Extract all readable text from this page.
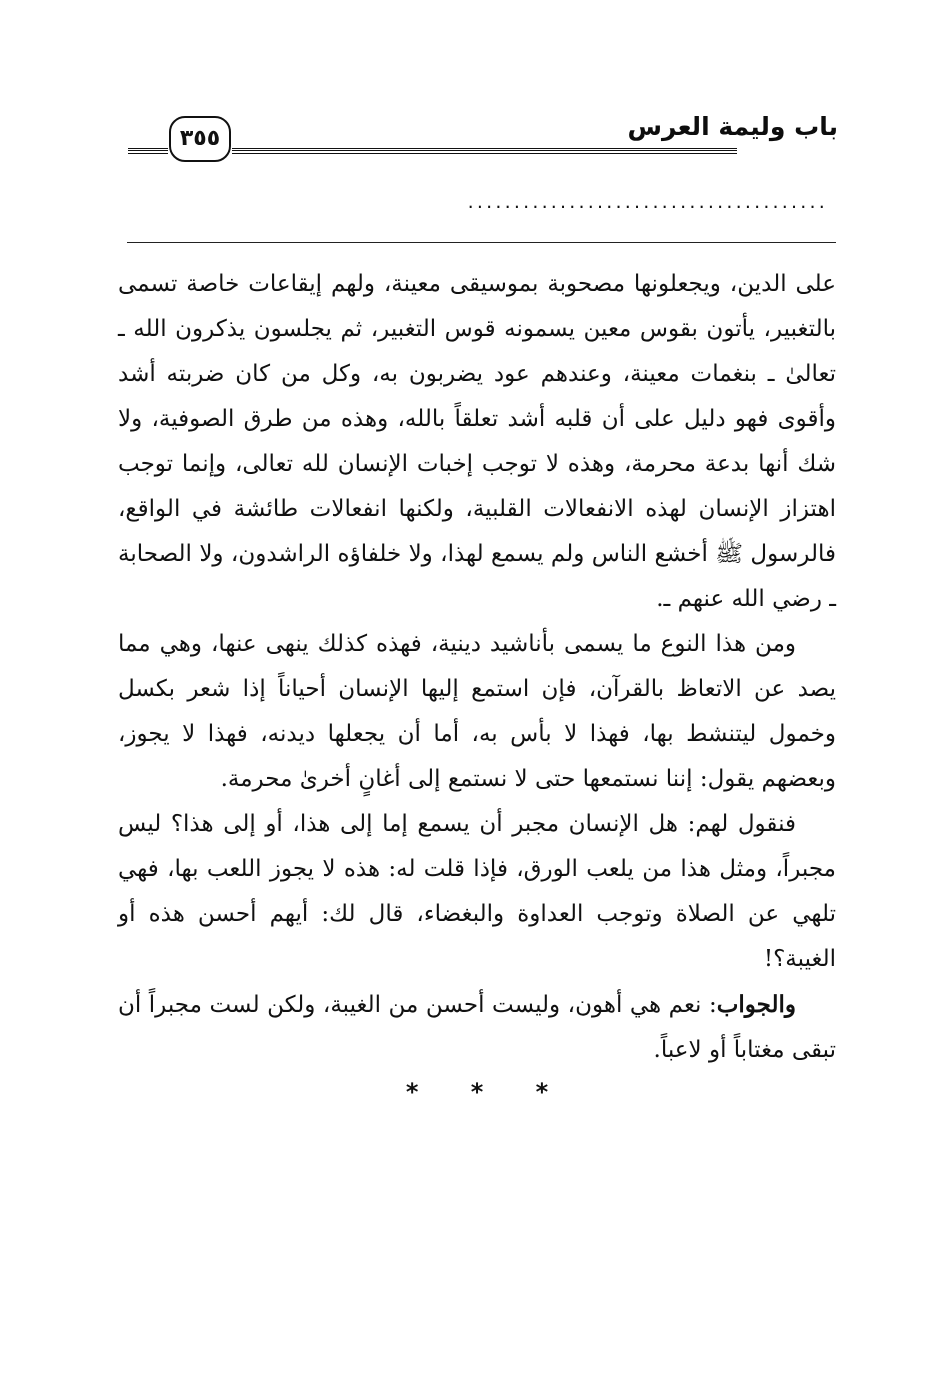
باب وليمة العرس
٣٥٥
.......................................

على الدين، ويجعلونها مصحوبة بموسيقى معينة، ولهم إيقاعات خاصة تسمى بالتغبير، يأتون بقوس معين يسمونه قوس التغبير، ثم يجلسون يذكرون الله ـ تعالىٰ ـ بنغمات معينة، وعندهم عود يضربون به، وكل من كان ضربته أشد وأقوى فهو دليل على أن قلبه أشد تعلقاً بالله، وهذه من طرق الصوفية، ولا شك أنها بدعة محرمة، وهذه لا توجب إخبات الإنسان لله تعالى، وإنما توجب اهتزاز الإنسان لهذه الانفعالات القلبية، ولكنها انفعالات طائشة في الواقع، فالرسول ﷺ أخشع الناس ولم يسمع لهذا، ولا خلفاؤه الراشدون، ولا الصحابة ـ رضي الله عنهم ـ.

ومن هذا النوع ما يسمى بأناشيد دينية، فهذه كذلك ينهى عنها، وهي مما يصد عن الاتعاظ بالقرآن، فإن استمع إليها الإنسان أحياناً إذا شعر بكسل وخمول ليتنشط بها، فهذا لا بأس به، أما أن يجعلها ديدنه، فهذا لا يجوز، وبعضهم يقول: إننا نستمعها حتى لا نستمع إلى أغانٍ أخرىٰ محرمة.

فنقول لهم: هل الإنسان مجبر أن يسمع إما إلى هذا، أو إلى هذا؟ ليس مجبراً، ومثل هذا من يلعب الورق، فإذا قلت له: هذه لا يجوز اللعب بها، فهي تلهي عن الصلاة وتوجب العداوة والبغضاء، قال لك: أيهم أحسن هذه أو الغيبة؟!

والجواب: نعم هي أهون، وليست أحسن من الغيبة، ولكن لست مجبراً أن تبقى مغتاباً أو لاعباً.

* * *
